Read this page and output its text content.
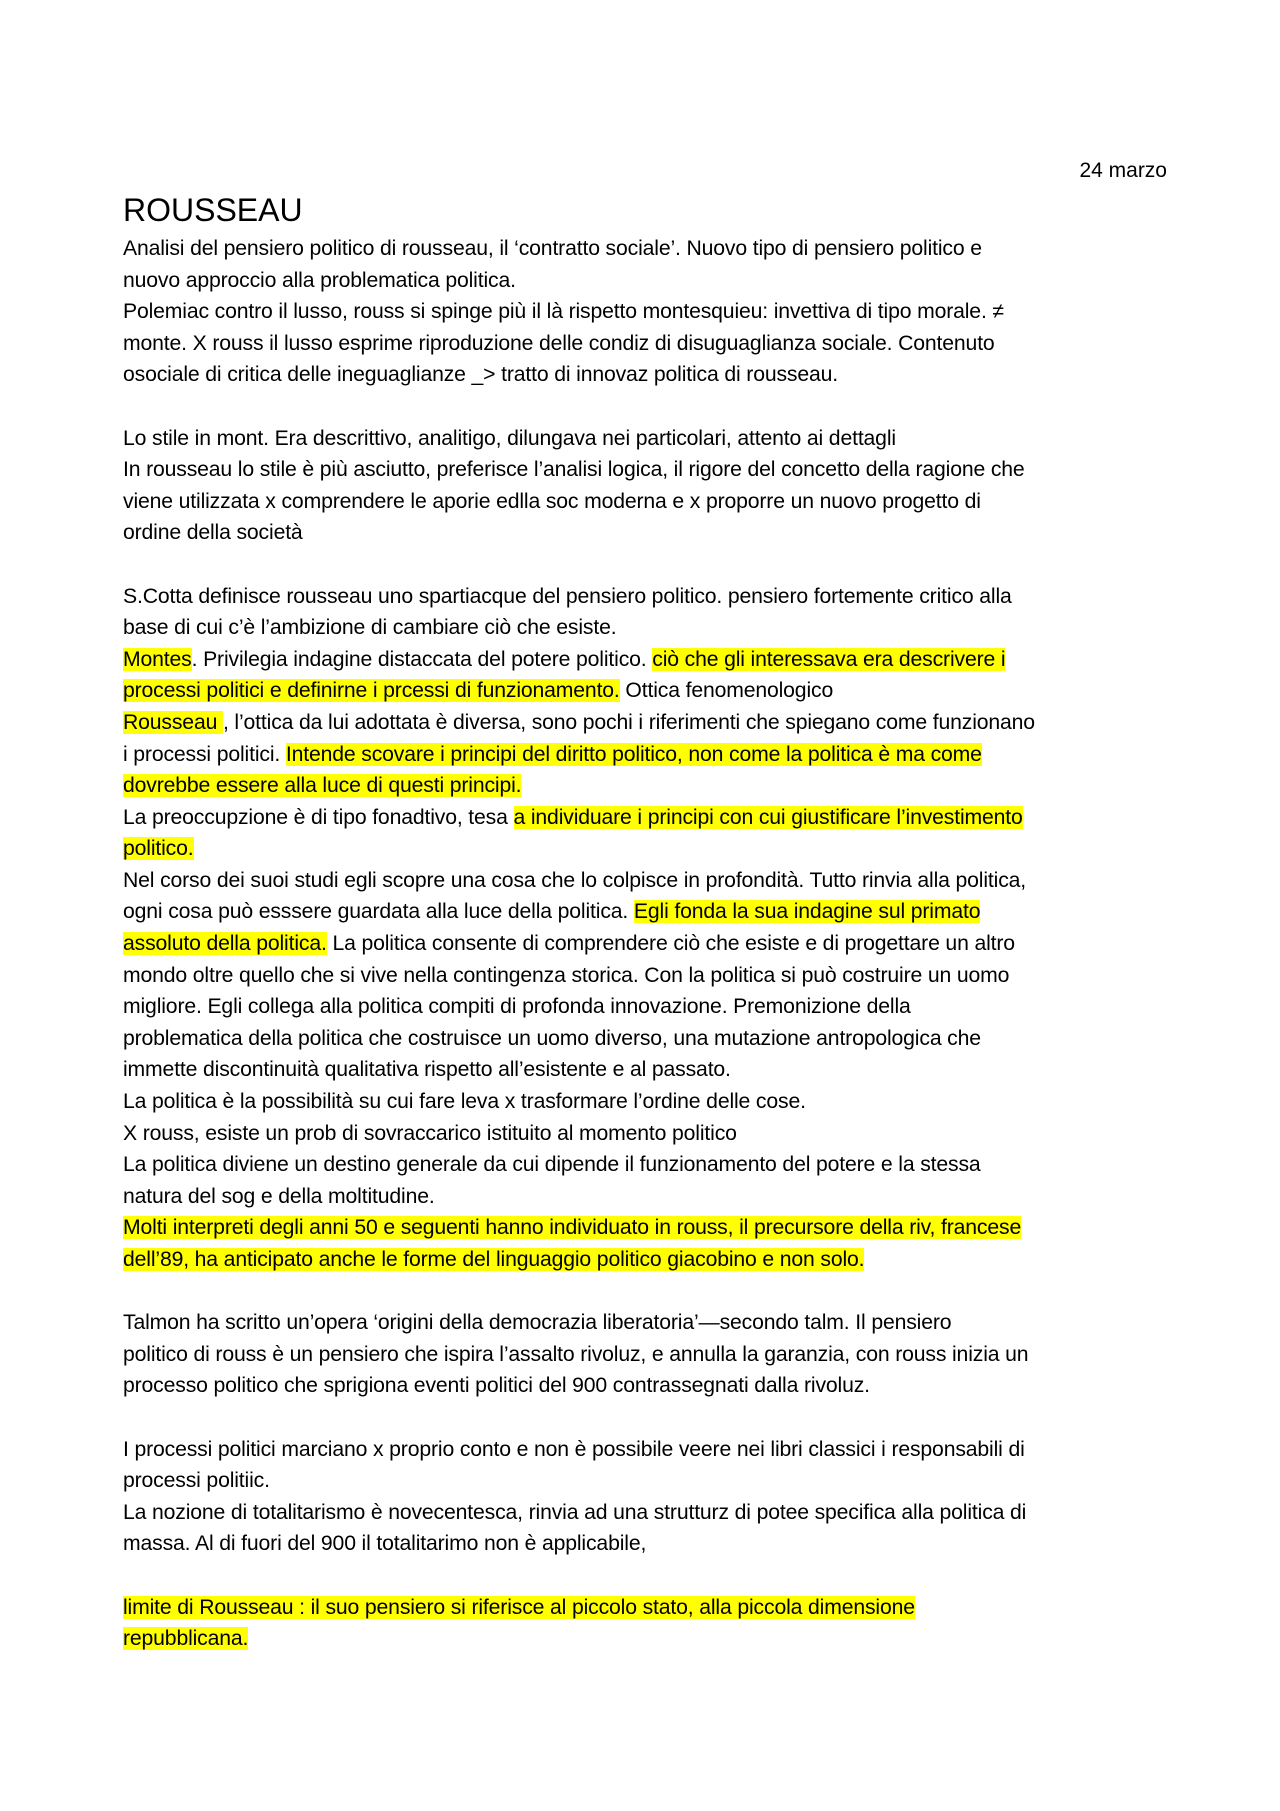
24 marzo
ROUSSEAU
Analisi del pensiero politico di rousseau, il ‘contratto sociale’. Nuovo tipo di pensiero politico e
nuovo approccio alla problematica politica.
Polemiac contro il lusso, rouss si spinge più il là rispetto montesquieu: invettiva di tipo morale. ≠
monte. X rouss il lusso esprime riproduzione delle condiz di disuguaglianza sociale. Contenuto
osociale di critica delle ineguaglianze _> tratto di innovaz politica di rousseau.
Lo stile in mont. Era descrittivo, analitigo, dilungava nei particolari, attento ai dettagli
In rousseau lo stile è più asciutto, preferisce l’analisi logica, il rigore del concetto della ragione che
viene utilizzata x comprendere le aporie edlla soc moderna e x proporre un nuovo progetto di
ordine della società
S.Cotta definisce rousseau uno spartiacque del pensiero politico. pensiero fortemente critico alla
base di cui c’è l’ambizione di cambiare ciò che esiste.
Montes. Privilegia indagine distaccata del potere politico. ciò che gli interessava era descrivere i
processi politici e definirne i prcessi di funzionamento. Ottica fenomenologico
Rousseau , l’ottica da lui adottata è diversa, sono pochi i riferimenti che spiegano come funzionano
i processi politici. Intende scovare i principi del diritto politico, non come la politica è ma come
dovrebbe essere alla luce di questi principi.
La preoccupzione è di tipo fonadtivo, tesa a individuare i principi con cui giustificare l’investimento
politico.
Nel corso dei suoi studi egli scopre una cosa che lo colpisce in profondità. Tutto rinvia alla politica,
ogni cosa può esssere guardata alla luce della politica. Egli fonda la sua indagine sul primato
assoluto della politica. La politica consente di comprendere ciò che esiste e di progettare un altro
mondo oltre quello che si vive nella contingenza storica. Con la politica si può costruire un uomo
migliore. Egli collega alla politica compiti di profonda innovazione. Premonizione della
problematica della politica che costruisce un uomo diverso, una mutazione antropologica che
immette discontinuità qualitativa rispetto all’esistente e al passato.
La politica è la possibilità su cui fare leva x trasformare l’ordine delle cose.
X rouss, esiste un prob di sovraccarico istituito al momento politico
La politica diviene un destino generale da cui dipende il funzionamento del potere e la stessa
natura del sog e della moltitudine.
Molti interpreti degli anni 50 e seguenti hanno individuato in rouss, il precursore della riv, francese
dell’89, ha anticipato anche le forme del linguaggio politico giacobino e non solo.
Talmon ha scritto un’opera ‘origini della democrazia liberatoria’—secondo talm. Il pensiero
politico di rouss è un pensiero che ispira l’assalto rivoluz, e annulla la garanzia, con rouss inizia un
processo politico che sprigiona eventi politici del 900 contrassegnati dalla rivoluz.
I processi politici marciano x proprio conto e non è possibile veere nei libri classici i responsabili di
processi politiic.
La nozione di totalitarismo è novecentesca, rinvia ad una strutturz di potee specifica alla politica di
massa. Al di fuori del 900 il totalitarimo non è applicabile,
limite di Rousseau : il suo pensiero si riferisce al piccolo stato, alla piccola dimensione
repubblicana.
